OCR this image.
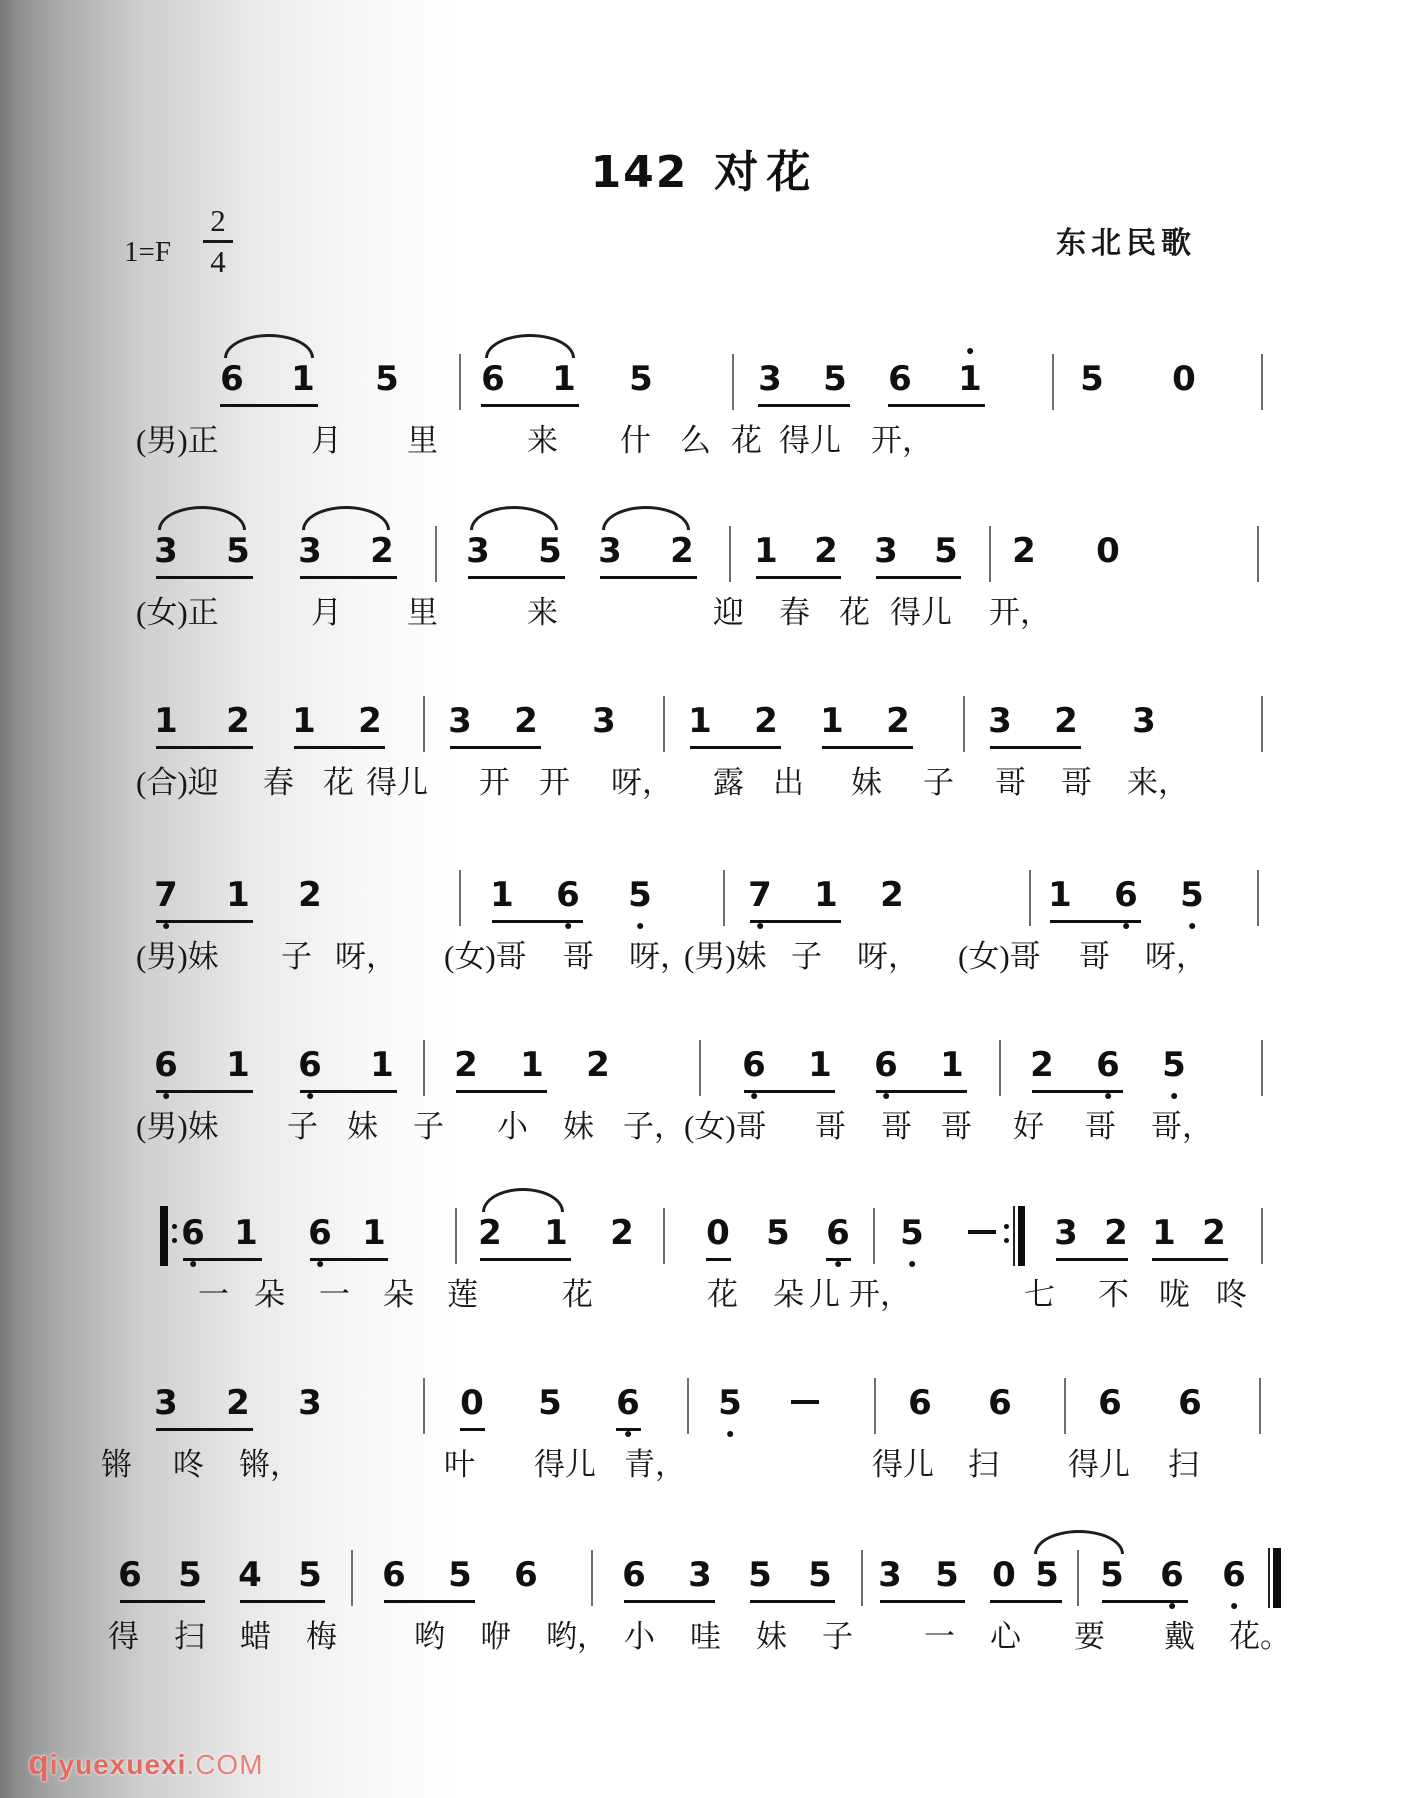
142 对花
1=F
2
4
东北民歌
6 1 5 6 1 5	3 5 6 1	5 0
(男)正	月 里	来 什 么 花 得儿 开，
3 5 3 2 3 5 3 2 1 2 3 5 2 0
(女)正	月 里	来	迎 春 花 得儿 开，
1 2 1 2 3 2 3 1 2 1 2 3 2 3
(合)迎 春 花 得儿 开 开 呀， 露 出 妹 子 哥 哥 来，
7 1 2	1 6 5	7 1 2	1 6 5
(男)妹 子 呀， (女)哥 哥 呀，
(男)妹 子 呀， (女)哥 哥 呀，
6 1 6 1 2 1 2	6 1 6 1 2 6 5
(男)妹 子 妹 子 小 妹 子， (女)哥 哥 哥 哥 好 哥 哥，
6 1 6 1	2 1 2 0 5 6 5	3 2 1 2
一 朵 一 朵 莲	花	花 朵 儿 开，	七 不 咙 咚
3 2 3	0 5 6 5	6 6	6 6
锵 咚 锵，	叶 得儿 青，	得儿 扫 得儿 扫
6 5 4 5 6 5 6 6 3 5 5 3 5 0 5 5 6 6
得 扫 蜡 梅 哟 咿 哟， 小 哇 妹 子 一 心 要 戴 花。
qiyuexuexi.COM
